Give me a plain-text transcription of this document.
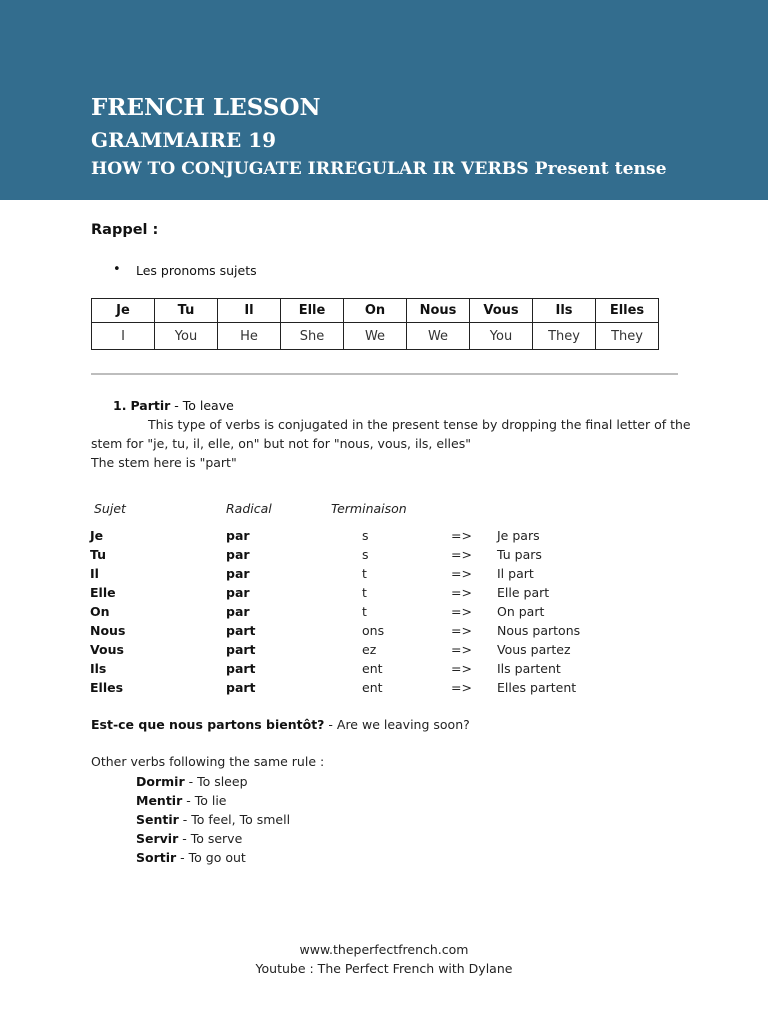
FRENCH LESSON
GRAMMAIRE 19
HOW TO CONJUGATE IRREGULAR IR VERBS Present tense
Rappel :
• Les pronoms sujets
Je	Tu	Il	Elle	On	Nous	Vous	Ils	Elles
I	You	He	She	We	We	You	They	They
1. Partir - To leave
This type of verbs is conjugated in the present tense by dropping the final letter of the
stem for "je, tu, il, elle, on" but not for "nous, vous, ils, elles"
The stem here is "part"
Sujet	Radical	Terminaison
Je	par	s	=> Je pars
Tu	par	s	=> Tu pars
Il	par	t	=> Il part
Elle	par	t	=> Elle part
On	par	t	=> On part
Nous	part	ons	=> Nous partons
Vous	part	ez	=> Vous partez
Ils	part	ent	=> Ils partent
Elles	part	ent	=> Elles partent
Est-ce que nous partons bientôt? - Are we leaving soon?
Other verbs following the same rule :
Dormir - To sleep
Mentir - To lie
Sentir - To feel, To smell
Servir - To serve
Sortir - To go out
www.theperfectfrench.com
Youtube : The Perfect French with Dylane
